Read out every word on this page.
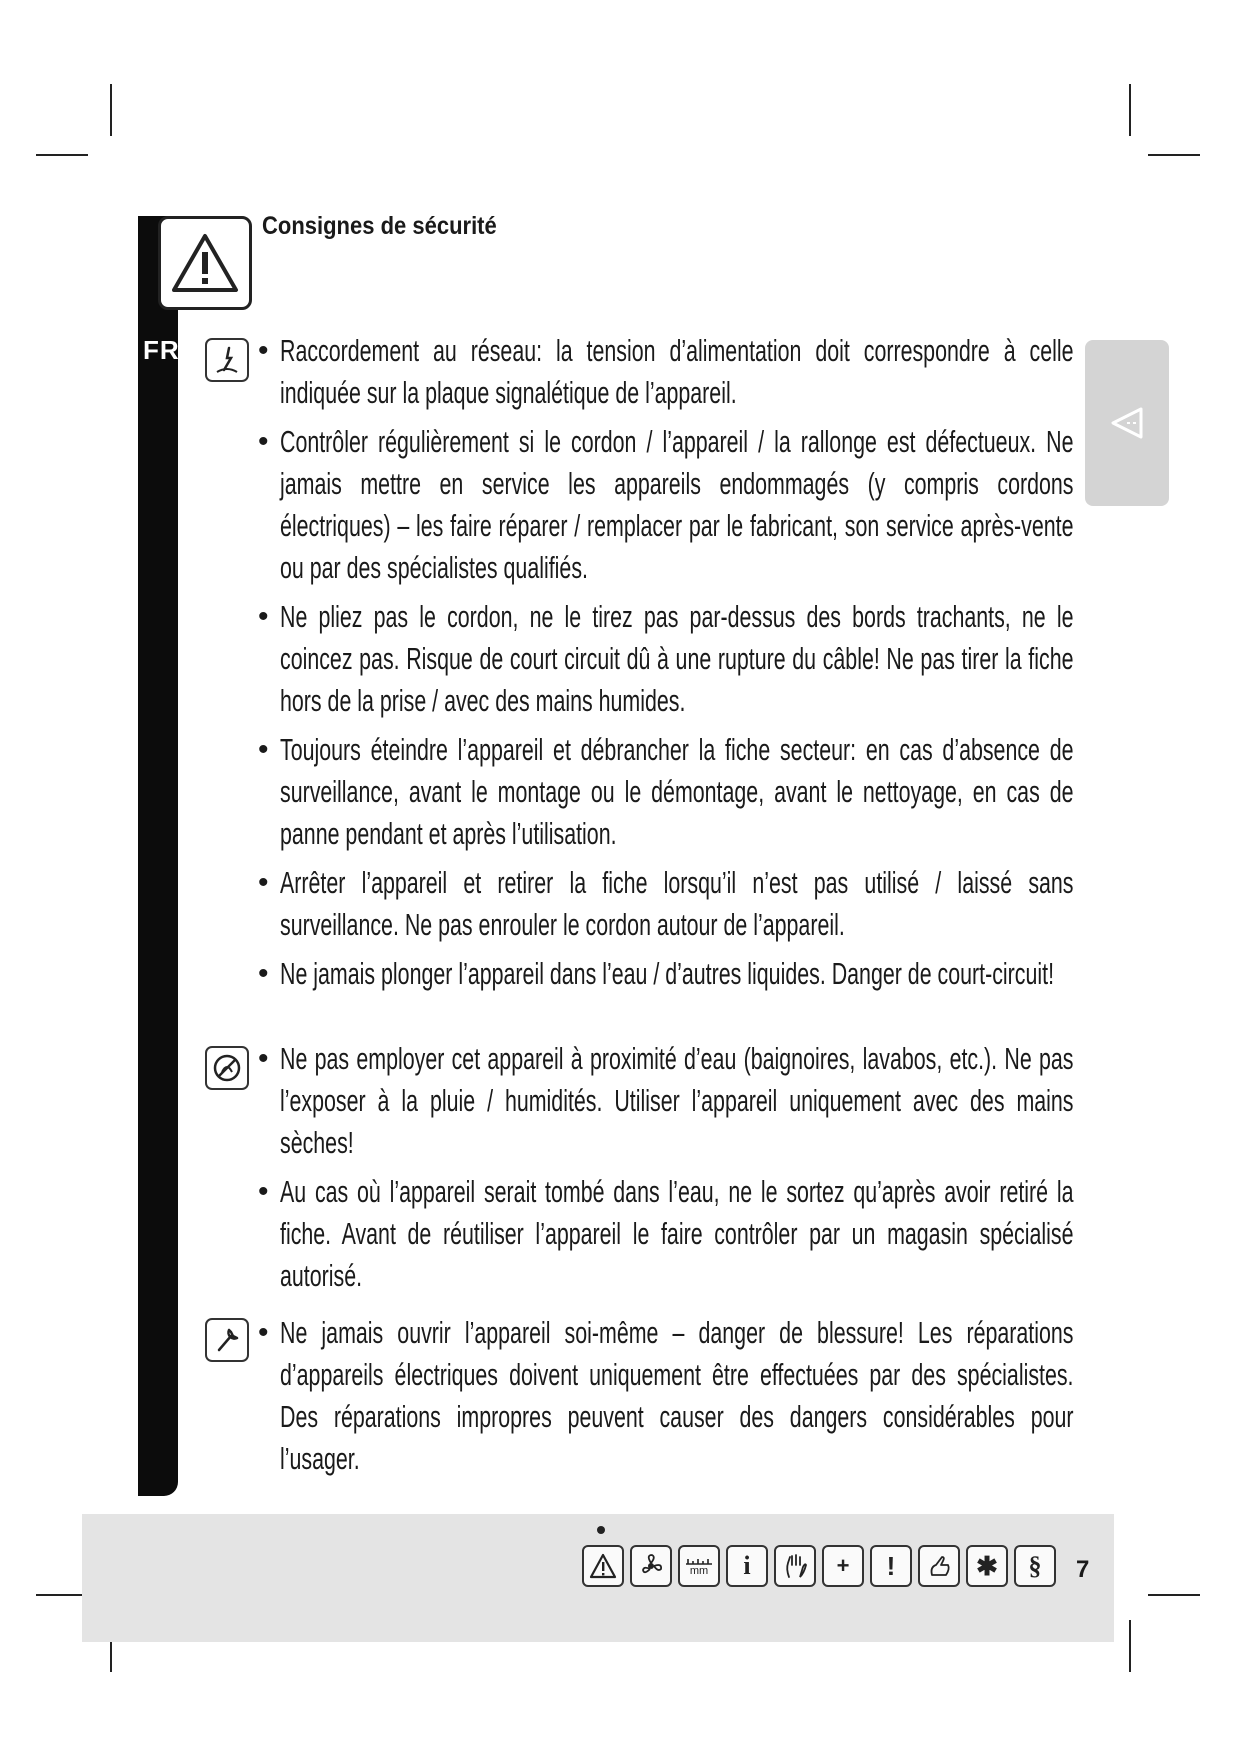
FR
Consignes de sécurité
• Raccordement au réseau: la tension d’alimentation doit correspondre à celle indiquée sur la plaque signalétique de l’appareil.
• Contrôler régulièrement si le cordon / l’appareil / la rallonge est défectueux. Ne jamais mettre en service les appareils endommagés (y compris cordons électriques) – les faire réparer / remplacer par le fabricant, son service après-vente ou par des spécialistes qualifiés.
• Ne pliez pas le cordon, ne le tirez pas par-dessus des bords trachants, ne le coincez pas. Risque de court circuit dû à une rupture du câble! Ne pas tirer la fiche hors de la prise / avec des mains humides.
• Toujours éteindre l’appareil et débrancher la fiche secteur: en cas d’absence de surveillance, avant le montage ou le démontage, avant le nettoyage, en cas de panne pendant et après l’utilisation.
• Arrêter l’appareil et retirer la fiche lorsqu’il n’est pas utilisé / laissé sans surveillance. Ne pas enrouler le cordon autour de l’appareil.
• Ne jamais plonger l’appareil dans l’eau / d’autres liquides. Danger de court-circuit!
• Ne pas employer cet appareil à proximité d’eau (baignoires, lavabos, etc.). Ne pas l’exposer à la pluie / humidités. Utiliser l’appareil uniquement avec des mains sèches!
• Au cas où l’appareil serait tombé dans l’eau, ne le sortez qu’après avoir retiré la fiche. Avant de réutiliser l’appareil le faire contrôler par un magasin spécialisé autorisé.
• Ne jamais ouvrir l’appareil soi-même – danger de blessure! Les réparations d’appareils électriques doivent uniquement être effectuées par des spécialistes. Des réparations impropres peuvent causer des dangers considérables pour l’usager.
mm i	+ !	✱ § 7
